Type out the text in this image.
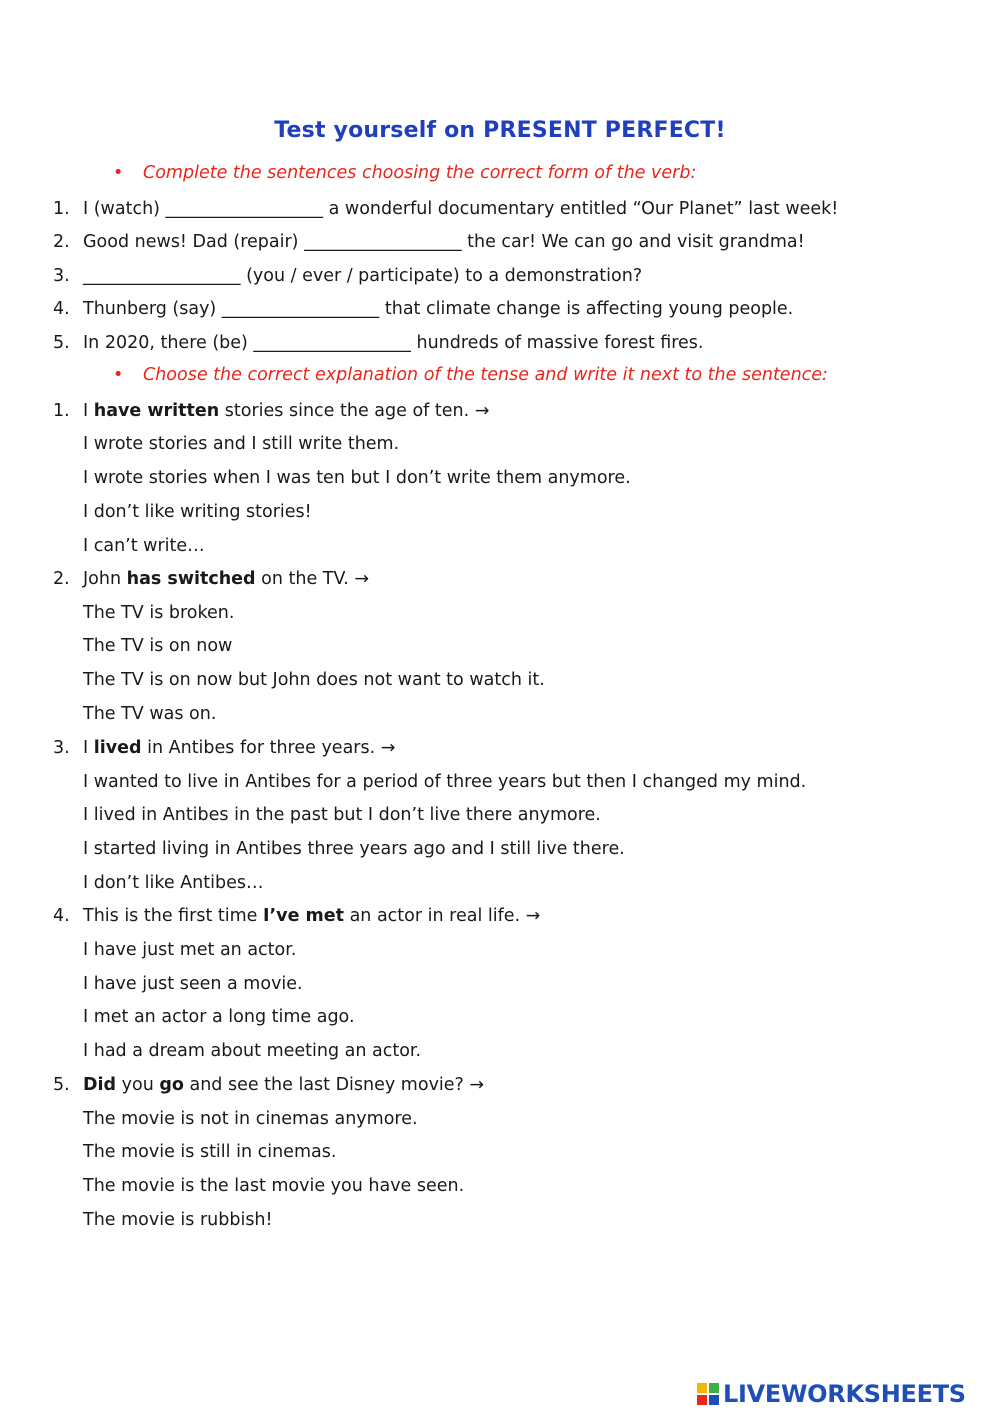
Test yourself on PRESENT PERFECT!
• Complete the sentences choosing the correct form of the verb:
1. I (watch) __________________ a wonderful documentary entitled “Our Planet” last week!
2. Good news! Dad (repair) __________________ the car! We can go and visit grandma!
3. __________________ (you / ever / participate) to a demonstration?
4. Thunberg (say) __________________ that climate change is affecting young people.
5. In 2020, there (be) __________________ hundreds of massive forest fires.
• Choose the correct explanation of the tense and write it next to the sentence:
1. I have written stories since the age of ten. →
I wrote stories and I still write them.
I wrote stories when I was ten but I don’t write them anymore.
I don’t like writing stories!
I can’t write…
2. John has switched on the TV. →
The TV is broken.
The TV is on now
The TV is on now but John does not want to watch it.
The TV was on.
3. I lived in Antibes for three years. →
I wanted to live in Antibes for a period of three years but then I changed my mind.
I lived in Antibes in the past but I don’t live there anymore.
I started living in Antibes three years ago and I still live there.
I don’t like Antibes…
4. This is the first time I’ve met an actor in real life. →
I have just met an actor.
I have just seen a movie.
I met an actor a long time ago.
I had a dream about meeting an actor.
5. Did you go and see the last Disney movie? →
The movie is not in cinemas anymore.
The movie is still in cinemas.
The movie is the last movie you have seen.
The movie is rubbish!
LIVEWORKSHEETS
